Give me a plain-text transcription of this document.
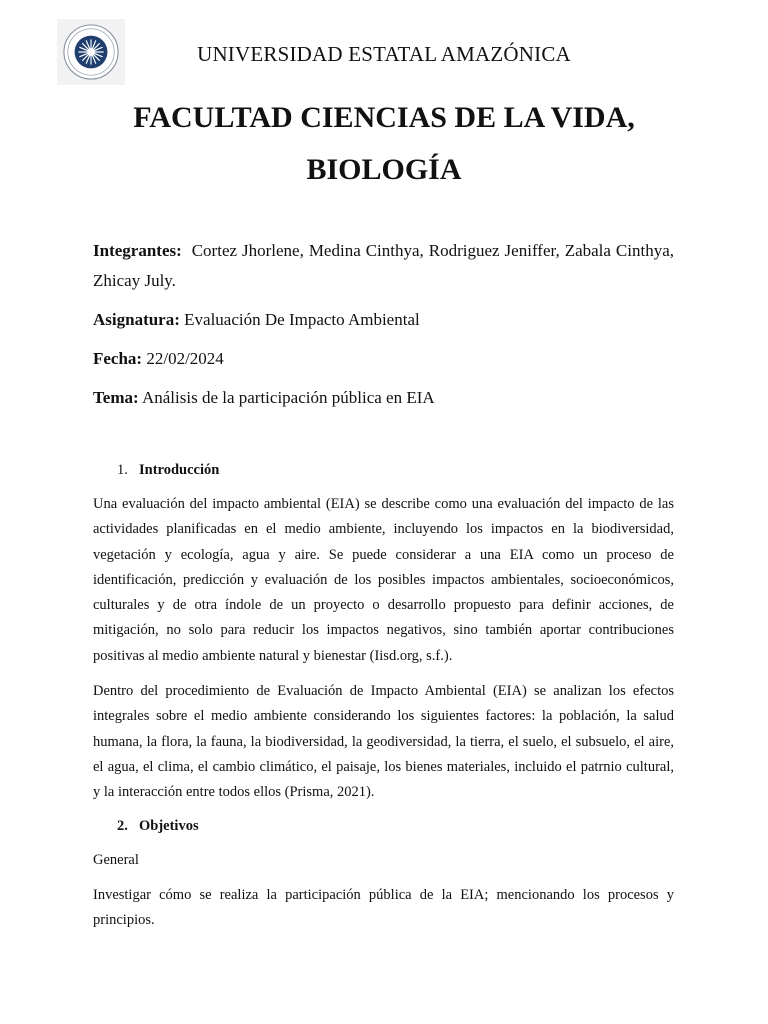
UNIVERSIDAD ESTATAL AMAZÓNICA
FACULTAD CIENCIAS DE LA VIDA,
BIOLOGÍA
Integrantes: Cortez Jhorlene, Medina Cinthya, Rodriguez Jeniffer, Zabala Cinthya, Zhicay July.
Asignatura: Evaluación De Impacto Ambiental
Fecha: 22/02/2024
Tema: Análisis de la participación pública en EIA
1. Introducción
Una evaluación del impacto ambiental (EIA) se describe como una evaluación del impacto de las actividades planificadas en el medio ambiente, incluyendo los impactos en la biodiversidad, vegetación y ecología, agua y aire. Se puede considerar a una EIA como un proceso de identificación, predicción y evaluación de los posibles impactos ambientales, socioeconómicos, culturales y de otra índole de un proyecto o desarrollo propuesto para definir acciones, de mitigación, no solo para reducir los impactos negativos, sino también aportar contribuciones positivas al medio ambiente natural y bienestar (Iisd.org, s.f.).
Dentro del procedimiento de Evaluación de Impacto Ambiental (EIA) se analizan los efectos integrales sobre el medio ambiente considerando los siguientes factores: la población, la salud humana, la flora, la fauna, la biodiversidad, la geodiversidad, la tierra, el suelo, el subsuelo, el aire, el agua, el clima, el cambio climático, el paisaje, los bienes materiales, incluido el patrnio cultural, y la interacción entre todos ellos (Prisma, 2021).
2. Objetivos
General
Investigar cómo se realiza la participación pública de la EIA; mencionando los procesos y principios.
